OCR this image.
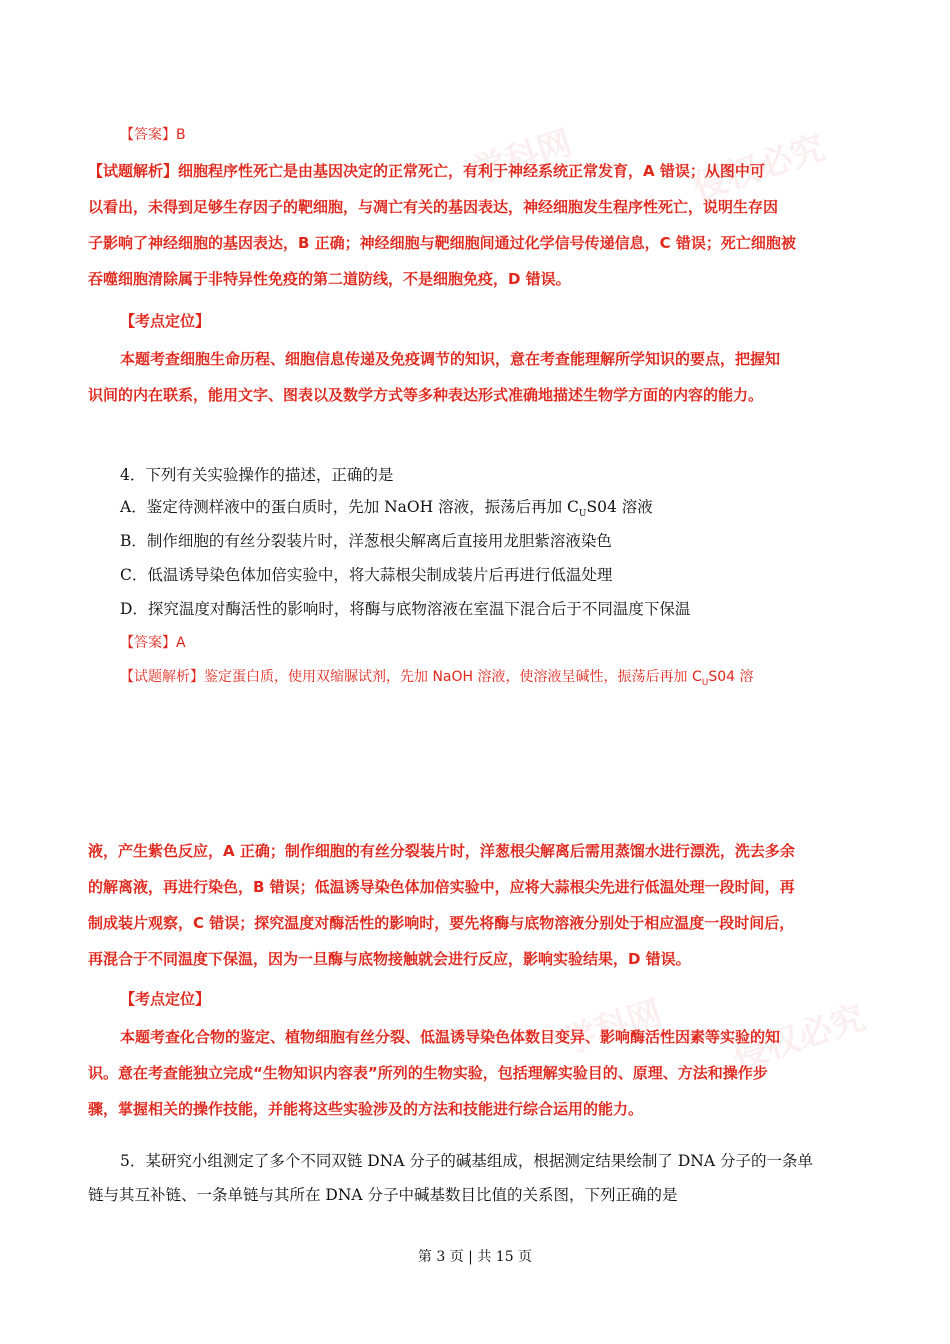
学科网	侵权必究
学科网 侵权必究
【答案】B
【试题解析】细胞程序性死亡是由基因决定的正常死亡，有利于神经系统正常发育，A 错误；从图中可
以看出，未得到足够生存因子的靶细胞，与凋亡有关的基因表达，神经细胞发生程序性死亡，说明生存因
子影响了神经细胞的基因表达，B 正确；神经细胞与靶细胞间通过化学信号传递信息，C 错误；死亡细胞被
吞噬细胞清除属于非特异性免疫的第二道防线，不是细胞免疫，D 错误。
【考点定位】
本题考查细胞生命历程、细胞信息传递及免疫调节的知识，意在考查能理解所学知识的要点，把握知
识间的内在联系，能用文字、图表以及数学方式等多种表达形式准确地描述生物学方面的内容的能力。
4．下列有关实验操作的描述，正确的是
A．鉴定待测样液中的蛋白质时，先加 NaOH 溶液，振荡后再加 $C_US04$ 溶液
B．制作细胞的有丝分裂装片时，洋葱根尖解离后直接用龙胆紫溶液染色
C．低温诱导染色体加倍实验中，将大蒜根尖制成装片后再进行低温处理
D．探究温度对酶活性的影响时，将酶与底物溶液在室温下混合后于不同温度下保温
【答案】A
【试题解析】鉴定蛋白质，使用双缩脲试剂，先加 NaOH 溶液，使溶液呈碱性，振荡后再加 $C_US04$ 溶
液，产生紫色反应，A 正确；制作细胞的有丝分裂装片时，洋葱根尖解离后需用蒸馏水进行漂洗，洗去多余
的解离液，再进行染色，B 错误；低温诱导染色体加倍实验中，应将大蒜根尖先进行低温处理一段时间，再
制成装片观察，C 错误；探究温度对酶活性的影响时，要先将酶与底物溶液分别处于相应温度一段时间后，
再混合于不同温度下保温，因为一旦酶与底物接触就会进行反应，影响实验结果，D 错误。
【考点定位】
本题考查化合物的鉴定、植物细胞有丝分裂、低温诱导染色体数目变异、影响酶活性因素等实验的知
识。意在考查能独立完成“生物知识内容表”所列的生物实验，包括理解实验目的、原理、方法和操作步
骤，掌握相关的操作技能，并能将这些实验涉及的方法和技能进行综合运用的能力。
5．某研究小组测定了多个不同双链 DNA 分子的碱基组成，根据测定结果绘制了 DNA 分子的一条单
链与其互补链、一条单链与其所在 DNA 分子中碱基数目比值的关系图，下列正确的是
第 3 页 | 共 15 页
